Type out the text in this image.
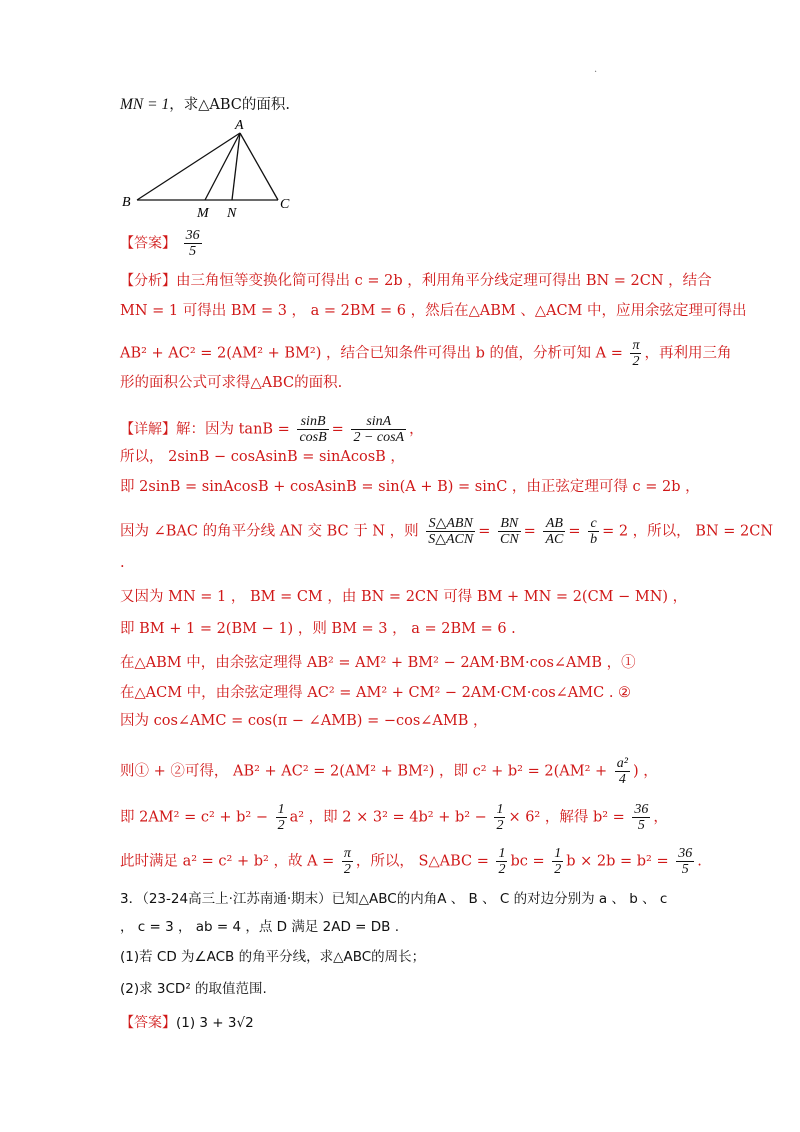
.
MN = 1，求△ABC的面积.
A
B	C
M N
【答案】 $\frac{36}{5}$
【分析】由三角恒等变换化简可得出 c = 2b ，利用角平分线定理可得出 BN = 2CN ，结合
MN = 1 可得出 BM = 3 ， a = 2BM = 6 ，然后在△ABM 、△ACM 中，应用余弦定理可得出
AB² + AC² = 2(AM² + BM²) ，结合已知条件可得出 b 的值，分析可知 $A = \frac{\pi}{2}$ ，再利用三角
形的面积公式可求得△ABC的面积.
【详解】解：因为 $\tan B = \frac{\sin B}{\cos B} = \frac{\sin A}{2 - \cos A}$ ，
所以， 2sinB − cosAsinB = sinAcosB ，
即 2sinB = sinAcosB + cosAsinB = sin(A + B) = sinC ，由正弦定理可得 c = 2b ，
因为 ∠BAC 的角平分线 AN 交 BC 于 N ，则 $\frac{\text{S△ABN}}{\text{S△ACN}} = \frac{BN}{CN} = \frac{AB}{AC} = \frac{c}{b} = 2$ ，所以， BN = 2CN
.
又因为 MN = 1 ， BM = CM ，由 BN = 2CN 可得 BM + MN = 2(CM − MN) ，
即 BM + 1 = 2(BM − 1) ，则 BM = 3 ， a = 2BM = 6 .
在△ABM 中，由余弦定理得 AB² = AM² + BM² − 2AM·BM·cos∠AMB ，①
在△ACM 中，由余弦定理得 AC² = AM² + CM² − 2AM·CM·cos∠AMC . ②
因为 cos∠AMC = cos(π − ∠AMB) = −cos∠AMB ，
则① + ②可得， AB² + AC² = 2(AM² + BM²) ，即 $c^2 + b^2 = 2(AM^2 + \frac{\text{a²}}{4}$ ) ，
即 $2AM^2 = c^2 + b^2 - \frac{1}{2} a^2$ ，即 $2 \times 3^2 = 4b^2 + b^2 - \frac{1}{2} \times 6^2$ ，解得 $b^2 = \frac{36}{5}$ ，
此时满足 a² = c² + b² ，故 $A = \frac{\pi}{2}$ ，所以， S△ABC = $\frac{1}{2}$ bc = $\frac{1}{2}$ $b \times 2b = b^2 = \frac{36}{5}$ .
3．（23-24高三上·江苏南通·期末）已知△ABC的内角A 、 B 、 C 的对边分别为 a 、 b 、 c
， c = 3 ， ab = 4 ，点 D 满足 2AD = DB .
(1)若 CD 为∠ACB 的角平分线，求△ABC的周长；
(2)求 3CD² 的取值范围.
【答案】(1) 3 + 3√2
